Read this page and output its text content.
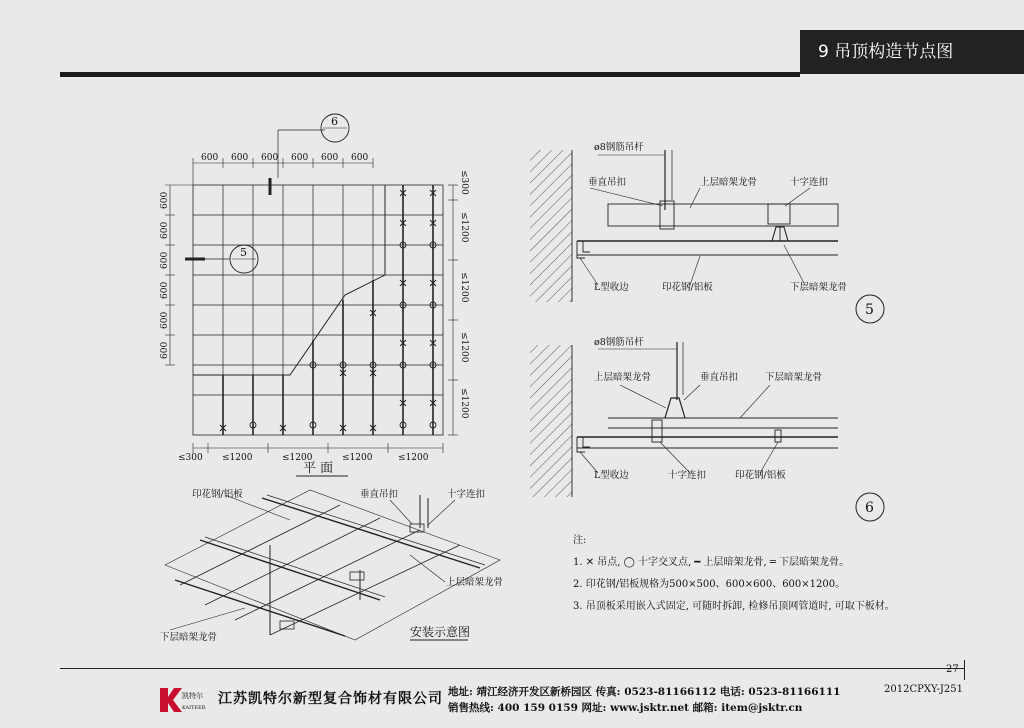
9 吊顶构造节点图
600 600 600 600 600 600
600
600
600
600
600
600
≤300
≤1200
≤1200
≤1200
≤1200
≤300 ≤1200	≤1200	≤1200	≤1200
6
5
平 面
ø8钢筋吊杆
垂直吊扣	上层暗架龙骨	十字连扣
L型收边	印花钢/铝板	下层暗架龙骨
5
ø8钢筋吊杆
上层暗架龙骨	垂直吊扣	下层暗架龙骨
L型收边	十字连扣	印花钢/铝板
6
印花钢/铝板	垂直吊扣	十字连扣
上层暗架龙骨
下层暗架龙骨	安装示意图
注:
1. ✕ 吊点, ◯ 十字交叉点, ━ 上层暗架龙骨, ═ 下层暗架龙骨。
2. 印花钢/铝板规格为500×500、600×600、600×1200。
3. 吊顶板采用嵌入式固定, 可随时拆卸, 检修吊顶网管道时, 可取下板材。
27
凯特尔
KAITEER
江苏凯特尔新型复合饰材有限公司 地址: 靖江经济开发区新桥园区 传真: 0523-81166112 电话: 0523-81166111
销售热线: 400 159 0159 网址: www.jsktr.net 邮箱: item@jsktr.cn
2012CPXY-J251
